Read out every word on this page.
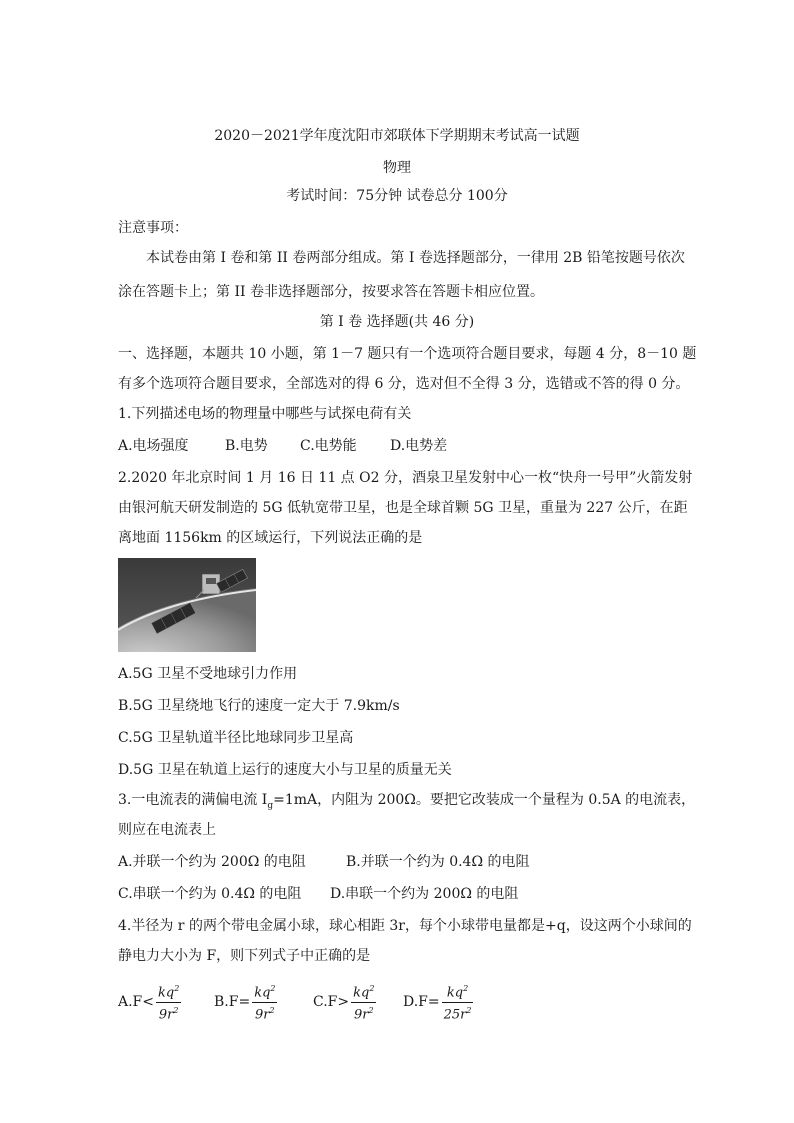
2020－2021学年度沈阳市郊联体下学期期末考试高一试题
物理
考试时间：75分钟 试卷总分 100分
注意事项：
本试卷由第 I 卷和第 II 卷两部分组成。第 I 卷选择题部分，一律用 2B 铅笔按题号依次
涂在答题卡上；第 II 卷非选择题部分，按要求答在答题卡相应位置。
第 I 卷 选择题(共 46 分)
一、选择题，本题共 10 小题，第 1－7 题只有一个选项符合题目要求，每题 4 分，8－10 题
有多个选项符合题目要求，全部选对的得 6 分，选对但不全得 3 分，选错或不答的得 0 分。
1.下列描述电场的物理量中哪些与试探电荷有关
A.电场强度	B.电势 C.电势能 D.电势差
2.2020 年北京时间 1 月 16 日 11 点 O2 分，酒泉卫星发射中心一枚“快舟一号甲”火箭发射
由银河航天研发制造的 5G 低轨宽带卫星，也是全球首颗 5G 卫星，重量为 227 公斤，在距
离地面 1156km 的区域运行，下列说法正确的是
A.5G 卫星不受地球引力作用
B.5G 卫星绕地飞行的速度一定大于 7.9km/s
C.5G 卫星轨道半径比地球同步卫星高
D.5G 卫星在轨道上运行的速度大小与卫星的质量无关
3.一电流表的满偏电流 $I_g=1mA$，内阻为 200Ω。要把它改装成一个量程为 0.5A 的电流表，
则应在电流表上
A.并联一个约为 200Ω 的电阻	B.并联一个约为 0.4Ω 的电阻
C.串联一个约为 0.4Ω 的电阻 D.串联一个约为 200Ω 的电阻
4.半径为 r 的两个带电金属小球，球心相距 3r，每个小球带电量都是+q，设这两个小球间的
静电力大小为 F，则下列式子中正确的是
$A.F< \frac{kq^2}{9r^2} B.F= \frac{kq^2}{9r^2}$	$C.F> \frac{kq^2}{9r^2} D.F= \frac{kq^2}{25r^2}$
